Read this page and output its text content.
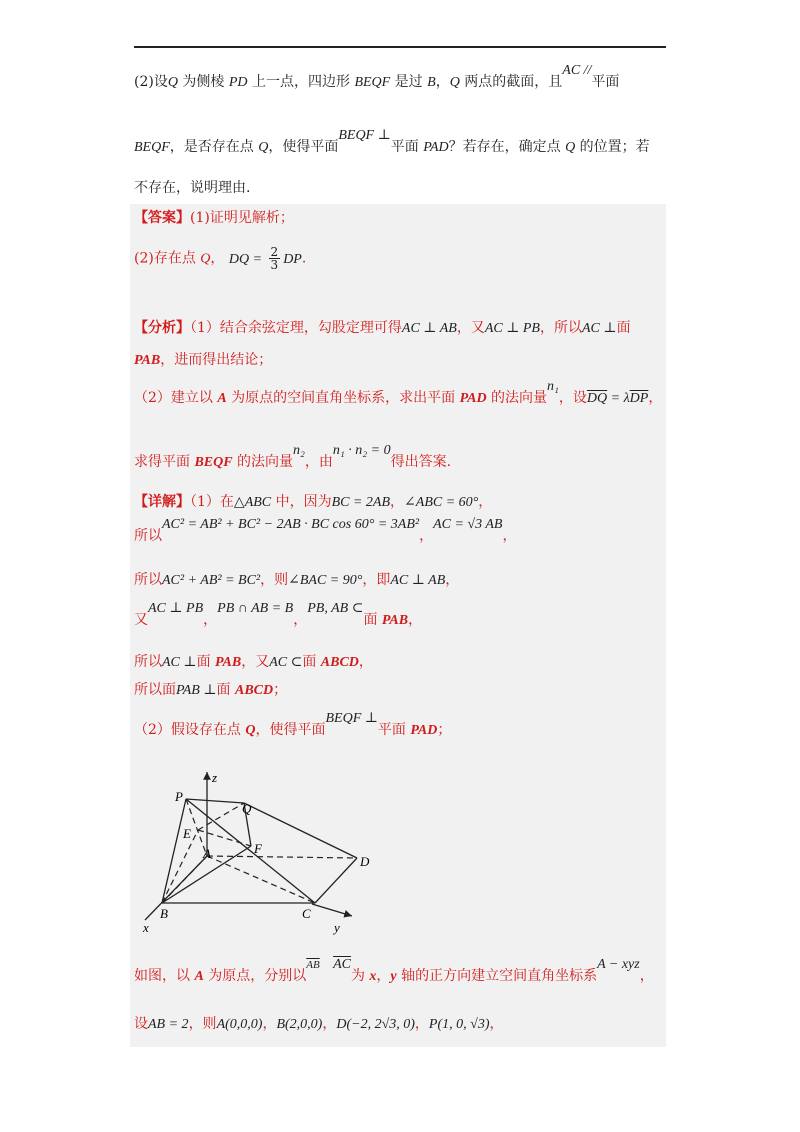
(2)设Q 为侧棱 PD 上一点，四边形 BEQF 是过 B，Q 两点的截面，且AC //平面
BEQF，是否存在点 Q，使得平面BEQF ⊥平面 PAD？若存在，确定点 Q 的位置；若
不存在，说明理由.
【答案】(1)证明见解析；
(2)存在点 Q， DQ = $\frac{2}{3}$ DP.
【分析】（1）结合余弦定理，勾股定理可得AC ⊥ AB，又AC ⊥ PB，所以AC ⊥面
PAB，进而得出结论；
（2）建立以 A 为原点的空间直角坐标系，求出平面 PAD 的法向量n₁，设$\overline{DQ} = \lambda\overline{DP}$，
求得平面 BEQF 的法向量n₂，由n₁ · n₂ = 0得出答案.
【详解】（1）在△ABC 中，因为BC = 2AB，∠ABC = 60°，
所以AC² = AB² + BC² − 2AB · BC cos 60° = 3AB²，AC = √3 AB，
所以AC² + AB² = BC²，则∠BAC = 90°，即AC ⊥ AB，
又AC ⊥ PB，PB ∩ AB = B，PB, AB ⊂面 PAB，
所以AC ⊥面 PAB，又AC ⊂面 ABCD，
所以面PAB ⊥面 ABCD；
（2）假设存在点 Q，使得平面BEQF ⊥平面 PAD；
z
P
Q
E
A	F
D
B	C
x	y
如图，以 A 为原点，分别以$^{\overline{AB}}$ $\overline{AC}$为 x，y 轴的正方向建立空间直角坐标系A − xyz，
设AB = 2，则A(0,0,0)，B(2,0,0)，D(−2, 2√3, 0)，P(1, 0, √3)，
